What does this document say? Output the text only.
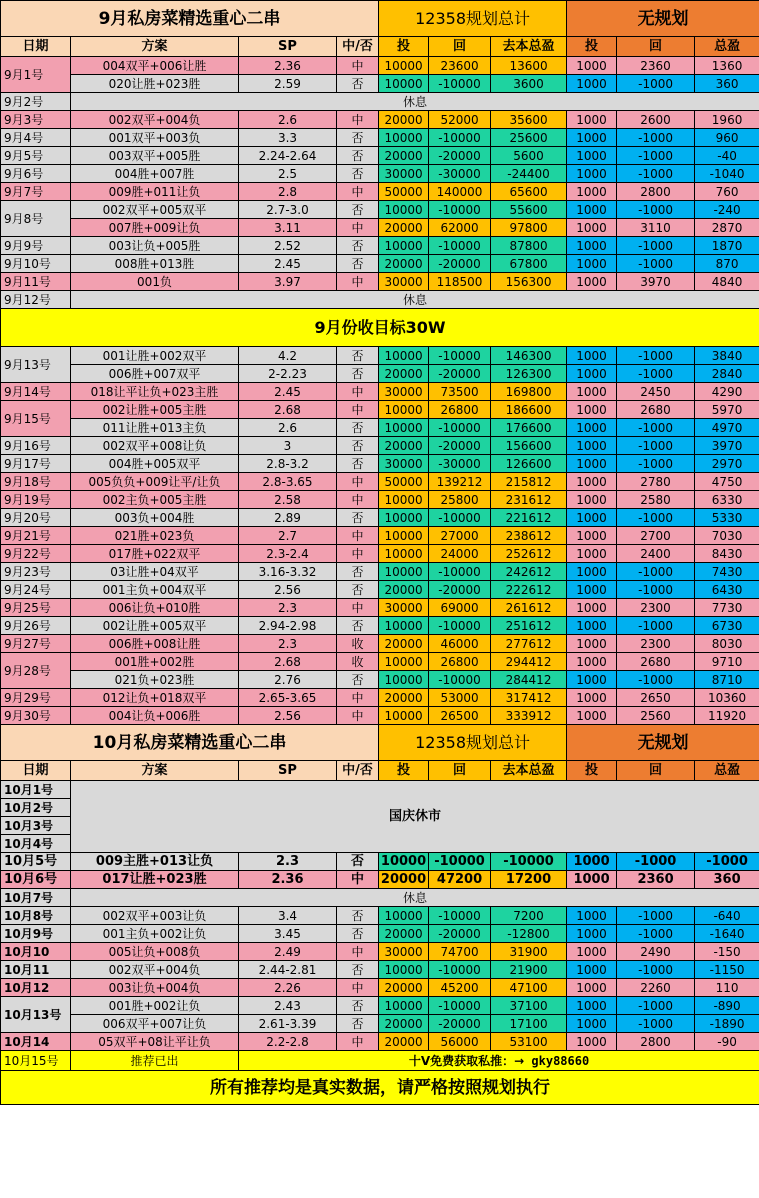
9月私房菜精选重心二串				12358规划总计			无规划		
日期	方案	SP	中/否	投	回	去本总盈	投	回	总盈
9月1号	004双平+006让胜	2.36	中	10000	23600	13600	1000	2360	1360
	020让胜+023胜	2.59	否	10000	-10000	3600	1000	-1000	360
9月2号	休息								
9月3号	002双平+004负	2.6	中	20000	52000	35600	1000	2600	1960
9月4号	001双平+003负	3.3	否	10000	-10000	25600	1000	-1000	960
9月5号	003双平+005胜	2.24-2.64	否	20000	-20000	5600	1000	-1000	-40
9月6号	004胜+007胜	2.5	否	30000	-30000	-24400	1000	-1000	-1040
9月7号	009胜+011让负	2.8	中	50000	140000	65600	1000	2800	760
9月8号	002双平+005双平	2.7-3.0	否	10000	-10000	55600	1000	-1000	-240
	007胜+009让负	3.11	中	20000	62000	97800	1000	3110	2870
9月9号	003让负+005胜	2.52	否	10000	-10000	87800	1000	-1000	1870
9月10号	008胜+013胜	2.45	否	20000	-20000	67800	1000	-1000	870
9月11号	001负	3.97	中	30000	118500	156300	1000	3970	4840
9月12号	休息								
9月份收目标30W									
9月13号	001让胜+002双平	4.2	否	10000	-10000	146300	1000	-1000	3840
	006胜+007双平	2-2.23	否	20000	-20000	126300	1000	-1000	2840
9月14号	018让平让负+023主胜	2.45	中	30000	73500	169800	1000	2450	4290
9月15号	002让胜+005主胜	2.68	中	10000	26800	186600	1000	2680	5970
	011让胜+013主负	2.6	否	10000	-10000	176600	1000	-1000	4970
9月16号	002双平+008让负	3	否	20000	-20000	156600	1000	-1000	3970
9月17号	004胜+005双平	2.8-3.2	否	30000	-30000	126600	1000	-1000	2970
9月18号	005负负+009让平/让负	2.8-3.65	中	50000	139212	215812	1000	2780	4750
9月19号	002主负+005主胜	2.58	中	10000	25800	231612	1000	2580	6330
9月20号	003负+004胜	2.89	否	10000	-10000	221612	1000	-1000	5330
9月21号	021胜+023负	2.7	中	10000	27000	238612	1000	2700	7030
9月22号	017胜+022双平	2.3-2.4	中	10000	24000	252612	1000	2400	8430
9月23号	03让胜+04双平	3.16-3.32	否	10000	-10000	242612	1000	-1000	7430
9月24号	001主负+004双平	2.56	否	20000	-20000	222612	1000	-1000	6430
9月25号	006让负+010胜	2.3	中	30000	69000	261612	1000	2300	7730
9月26号	002让胜+005双平	2.94-2.98	否	10000	-10000	251612	1000	-1000	6730
9月27号	006胜+008让胜	2.3	收	20000	46000	277612	1000	2300	8030
9月28号	001胜+002胜	2.68	收	10000	26800	294412	1000	2680	9710
	021负+023胜	2.76	否	10000	-10000	284412	1000	-1000	8710
9月29号	012让负+018双平	2.65-3.65	中	20000	53000	317412	1000	2650	10360
9月30号	004让负+006胜	2.56	中	10000	26500	333912	1000	2560	11920
10月私房菜精选重心二串				12358规划总计			无规划		
日期	方案	SP	中/否	投	回	去本总盈	投	回	总盈
10月1号	国庆休市								
10月2号									
10月3号									
10月4号									
10月5号	009主胜+013让负	2.3	否	10000	-10000	-10000	1000	-1000	-1000
10月6号	017让胜+023胜	2.36	中	20000	47200	17200	1000	2360	360
10月7号	休息								
10月8号	002双平+003让负	3.4	否	10000	-10000	7200	1000	-1000	-640
10月9号	001主负+002让负	3.45	否	20000	-20000	-12800	1000	-1000	-1640
10月10	005让负+008负	2.49	中	30000	74700	31900	1000	2490	-150
10月11	002双平+004负	2.44-2.81	否	10000	-10000	21900	1000	-1000	-1150
10月12	003让负+004负	2.26	中	20000	45200	47100	1000	2260	110
10月13号	001胜+002让负	2.43	否	10000	-10000	37100	1000	-1000	-890
	006双平+007让负	2.61-3.39	否	20000	-20000	17100	1000	-1000	-1890
10月14	05双平+08让平让负	2.2-2.8	中	20000	56000	53100	1000	2800	-90
10月15号	推荐已出	十V免费获取私推：→ gky88660							
所有推荐均是真实数据，请严格按照规划执行									
